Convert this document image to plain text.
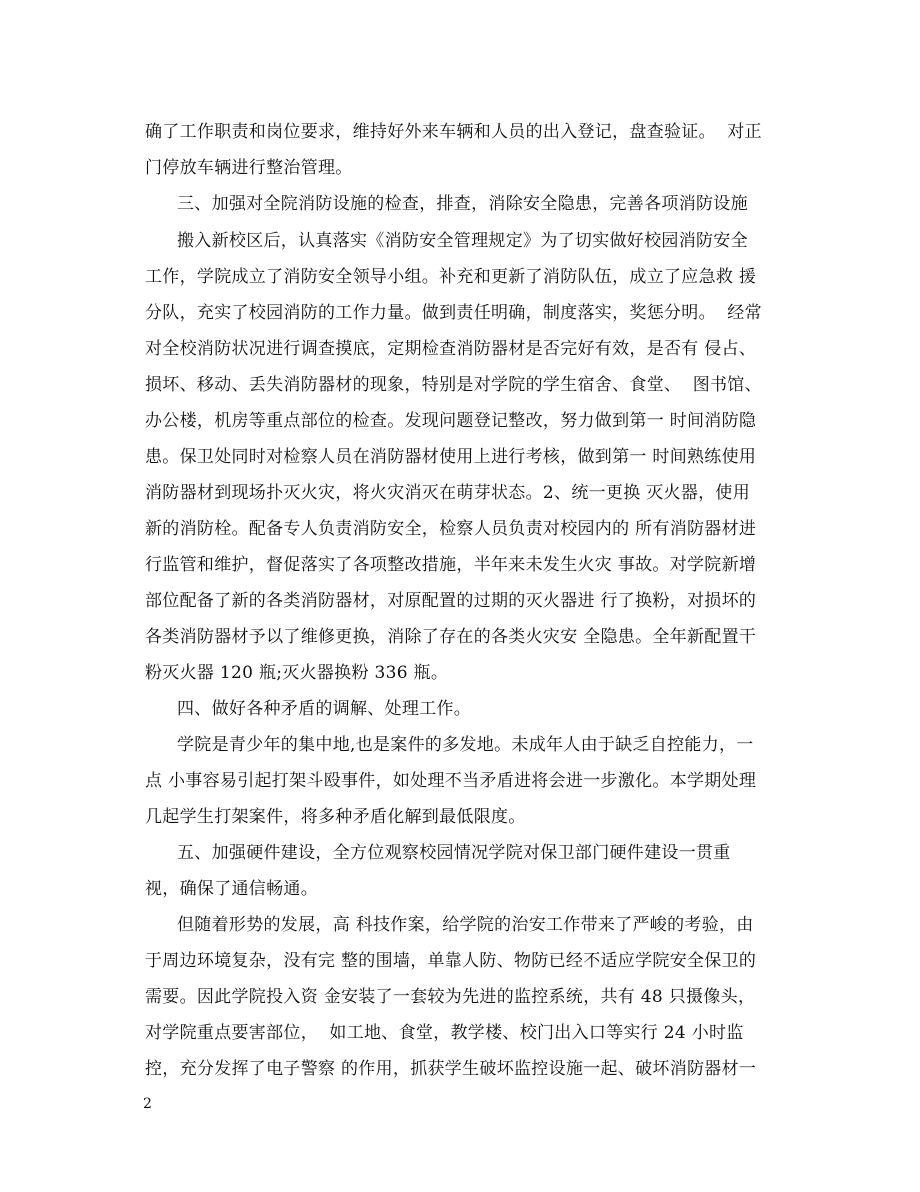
确了工作职责和岗位要求，维持好外来车辆和人员的出入登记，盘查验证。  对正
门停放车辆进行整治管理。
三、加强对全院消防设施的检查，排查，消除安全隐患，完善各项消防设施
搬入新校区后，认真落实《消防安全管理规定》为了切实做好校园消防安全
工作，学院成立了消防安全领导小组。补充和更新了消防队伍，成立了应急救 援
分队，充实了校园消防的工作力量。做到责任明确，制度落实，奖惩分明。  经常
对全校消防状况进行调查摸底，定期检查消防器材是否完好有效，是否有 侵占、
损坏、移动、丢失消防器材的现象，特别是对学院的学生宿舍、食堂、  图书馆、
办公楼，机房等重点部位的检查。发现问题登记整改，努力做到第一 时间消防隐
患。保卫处同时对检察人员在消防器材使用上进行考核，做到第一 时间熟练使用
消防器材到现场扑灭火灾，将火灾消灭在萌芽状态。2、统一更换 灭火器，使用
新的消防栓。配备专人负责消防安全，检察人员负责对校园内的 所有消防器材进
行监管和维护，督促落实了各项整改措施，半年来未发生火灾 事故。对学院新增
部位配备了新的各类消防器材，对原配置的过期的灭火器进 行了换粉，对损坏的
各类消防器材予以了维修更换，消除了存在的各类火灾安 全隐患。全年新配置干
粉灭火器 120 瓶;灭火器换粉 336 瓶。
四、做好各种矛盾的调解、处理工作。
学院是青少年的集中地,也是案件的多发地。未成年人由于缺乏自控能力，一
点 小事容易引起打架斗殴事件，如处理不当矛盾进将会进一步激化。本学期处理
几起学生打架案件，将多种矛盾化解到最低限度。
五、加强硬件建设，全方位观察校园情况学院对保卫部门硬件建设一贯重
视，确保了通信畅通。
但随着形势的发展，高 科技作案，给学院的治安工作带来了严峻的考验，由
于周边环境复杂，没有完 整的围墙，单靠人防、物防已经不适应学院安全保卫的
需要。因此学院投入资 金安装了一套较为先进的监控系统，共有 48 只摄像头，
对学院重点要害部位，  如工地、食堂，教学楼、校门出入口等实行 24 小时监
控，充分发挥了电子警察 的作用，抓获学生破坏监控设施一起、破坏消防器材一
2
